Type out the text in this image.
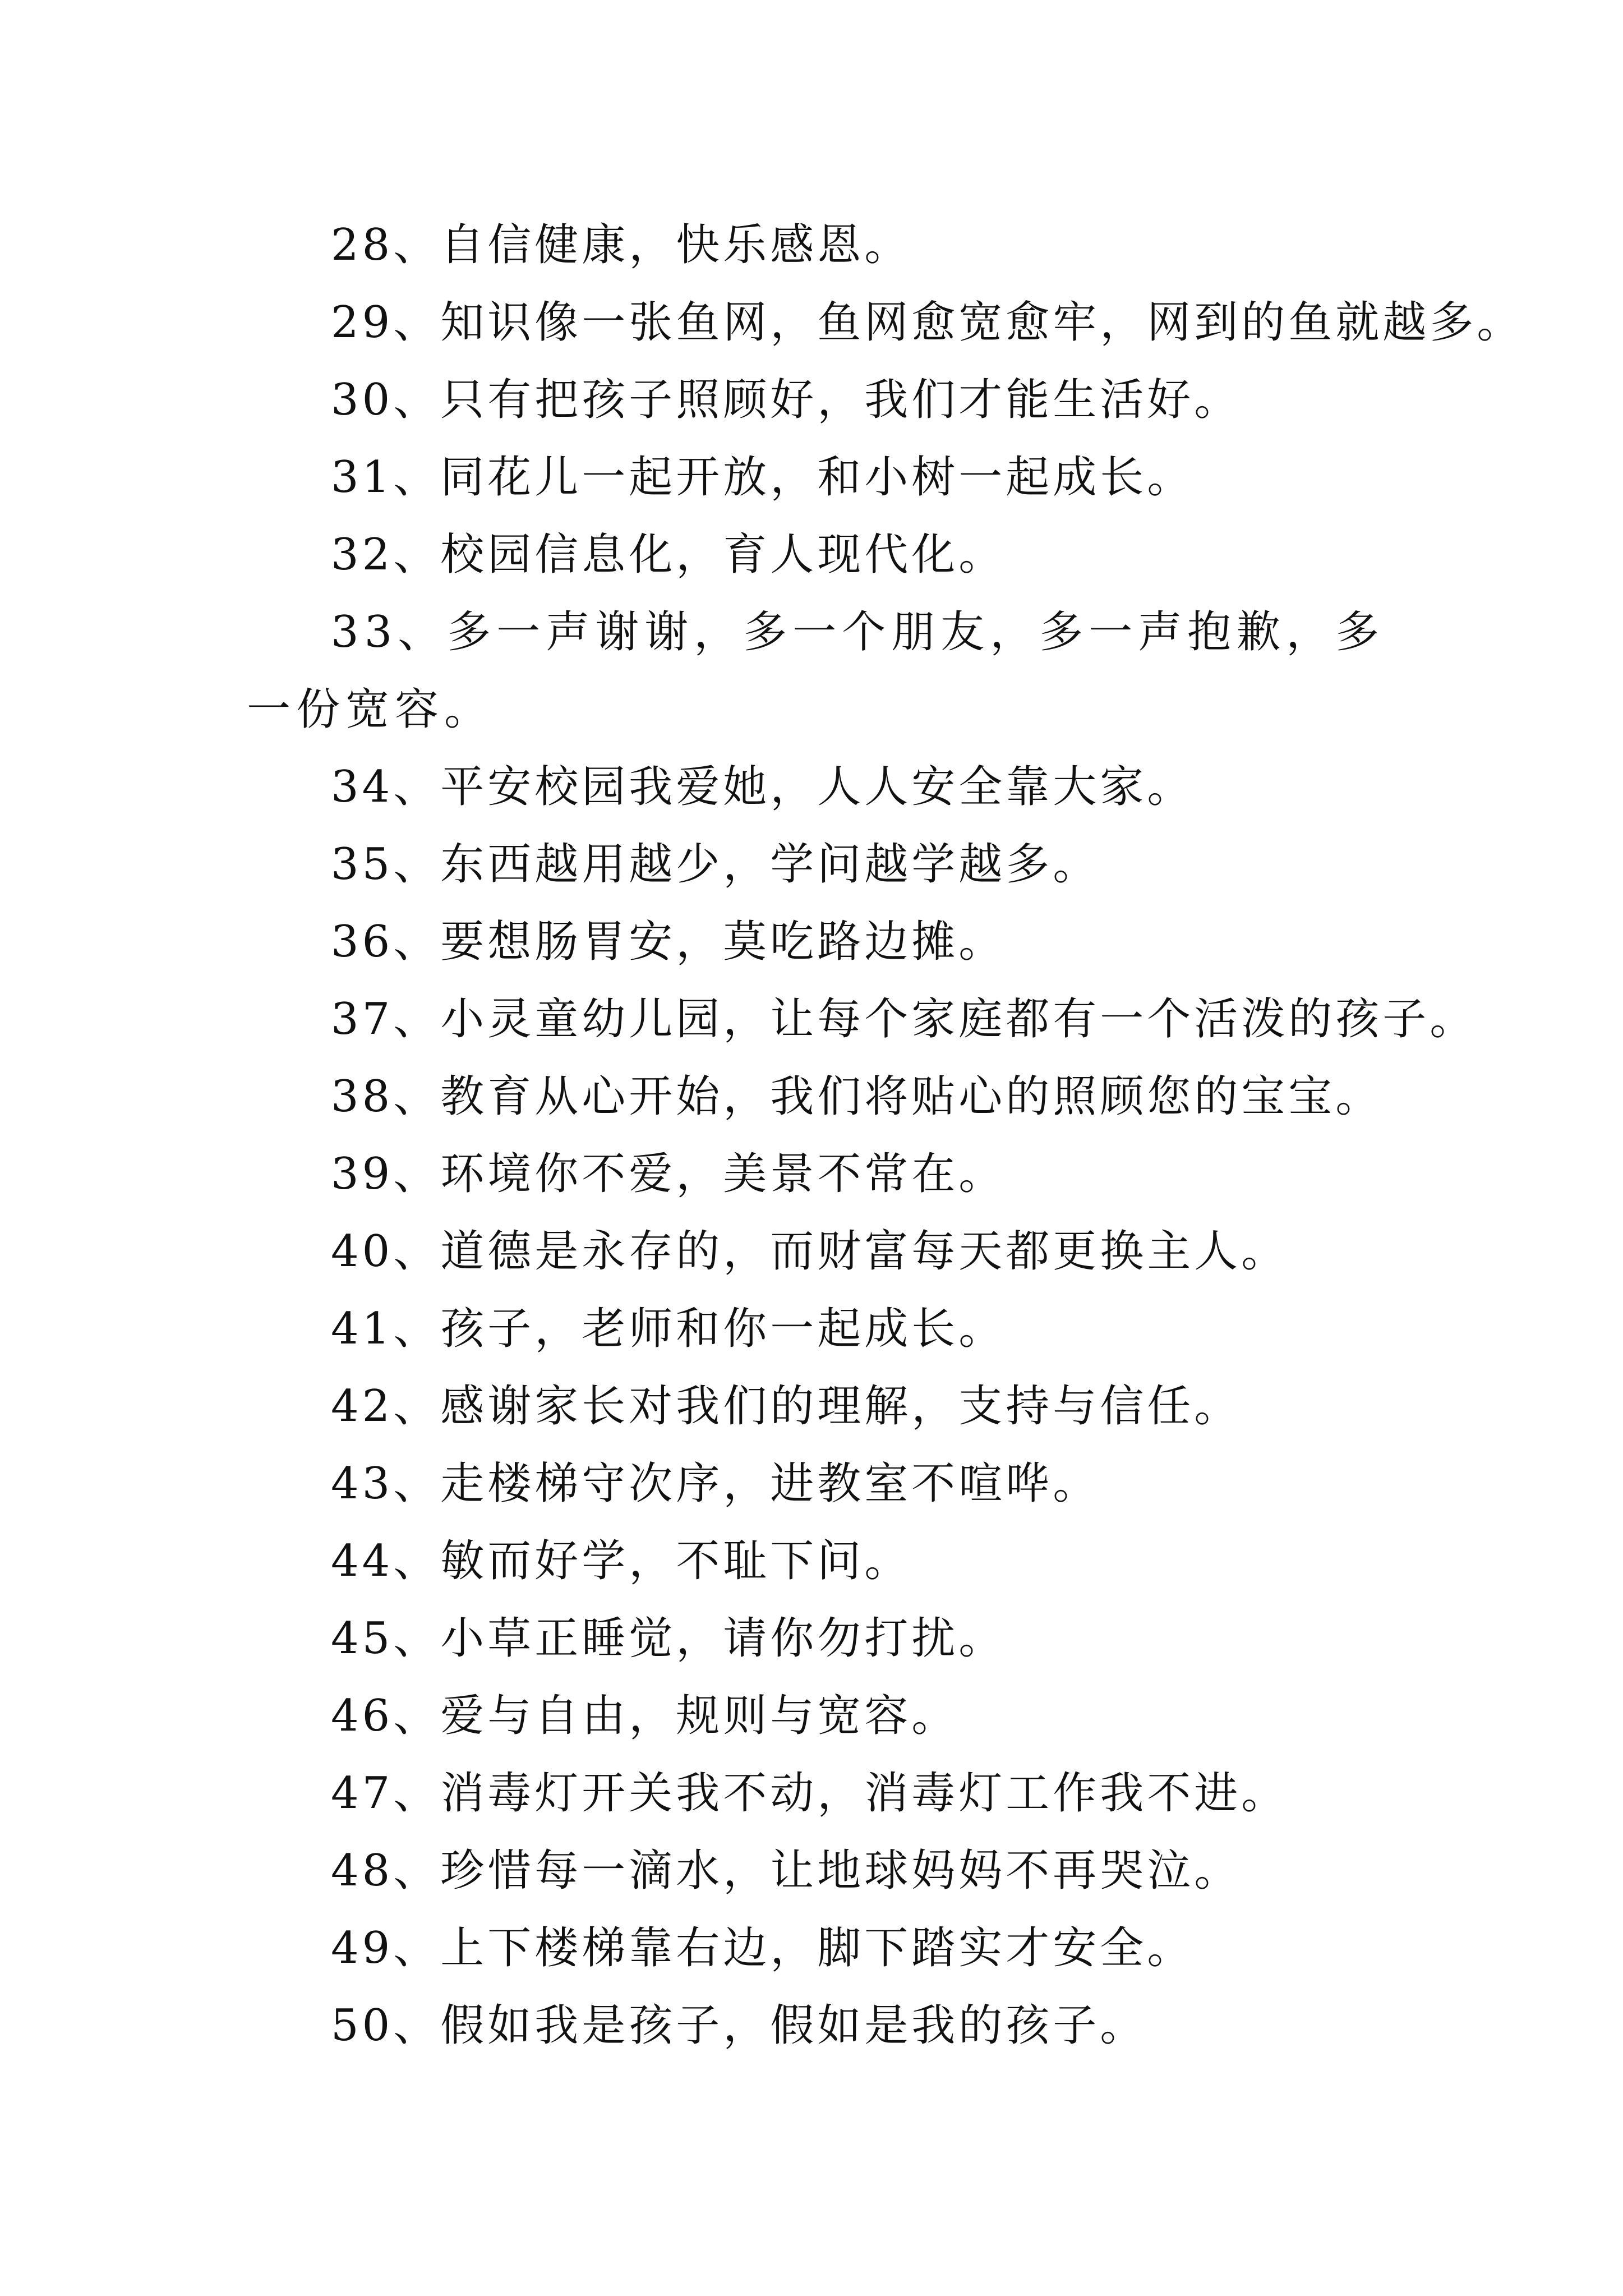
28、自信健康，快乐感恩。

29、知识像一张鱼网，鱼网愈宽愈牢，网到的鱼就越多。

30、只有把孩子照顾好，我们才能生活好。

31、同花儿一起开放，和小树一起成长。

32、校园信息化，育人现代化。

33、多一声谢谢，多一个朋友，多一声抱歉，多一份宽容。

34、平安校园我爱她，人人安全靠大家。

35、东西越用越少，学问越学越多。

36、要想肠胃安，莫吃路边摊。

37、小灵童幼儿园，让每个家庭都有一个活泼的孩子。

38、教育从心开始，我们将贴心的照顾您的宝宝。

39、环境你不爱，美景不常在。

40、道德是永存的，而财富每天都更换主人。

41、孩子，老师和你一起成长。

42、感谢家长对我们的理解，支持与信任。

43、走楼梯守次序，进教室不喧哗。

44、敏而好学，不耻下问。

45、小草正睡觉，请你勿打扰。

46、爱与自由，规则与宽容。

47、消毒灯开关我不动，消毒灯工作我不进。

48、珍惜每一滴水，让地球妈妈不再哭泣。

49、上下楼梯靠右边，脚下踏实才安全。

50、假如我是孩子，假如是我的孩子。
